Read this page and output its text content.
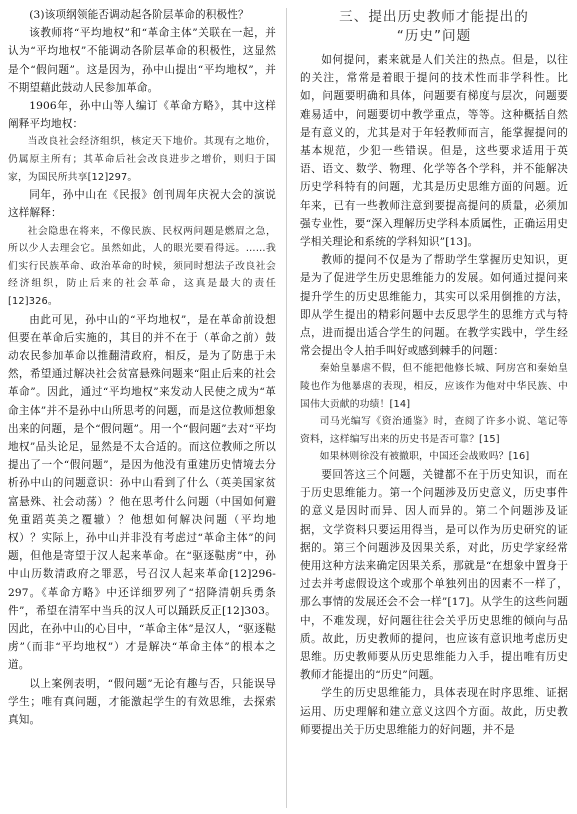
(3)该项纲领能否调动起各阶层革命的积极性？

该教师将“平均地权”和“革命主体”关联在一起，并认为“平均地权”不能调动各阶层革命的积极性，这显然是个“假问题”。这是因为，孙中山提出“平均地权”，并不期望藉此鼓动人民参加革命。

1906年，孙中山等人编订《革命方略》，其中这样阐释平均地权：

当改良社会经济组织，核定天下地价。其现有之地价，仍属原主所有；其革命后社会改良进步之增价，则归于国家，为国民所共享[12]297。

同年，孙中山在《民报》创刊周年庆祝大会的演说这样解释：

社会隐患在将来，不像民族、民权两问题是燃眉之急，所以少人去理会它。虽然如此，人的眼光要看得远。……我们实行民族革命、政治革命的时候，须同时想法子改良社会经济组织，防止后来的社会革命，这真是最大的责任[12]326。

由此可见，孙中山的“平均地权”，是在革命前设想但要在革命后实施的，其目的并不在于（革命之前）鼓动农民参加革命以推翻清政府，相反，是为了防患于未然，希望通过解决社会贫富悬殊问题来“阻止后来的社会革命”。因此，通过“平均地权”来发动人民使之成为“革命主体”并不是孙中山所思考的问题，而是这位教师想象出来的问题，是个“假问题”。用一个“假问题”去对“平均地权”品头论足，显然是不太合适的。而这位教师之所以提出了一个“假问题”，是因为他没有重建历史情境去分析孙中山的问题意识：孙中山看到了什么（英美国家贫富悬殊、社会动荡）？他在思考什么问题（中国如何避免重蹈英美之覆辙）？他想如何解决问题（平均地权）？实际上，孙中山并非没有考虑过“革命主体”的问题，但他是寄望于汉人起来革命。在“驱逐鞑虏”中，孙中山历数清政府之罪恶，号召汉人起来革命[12]296-297。《革命方略》中还详细罗列了“招降清朝兵勇条件”，希望在清军中当兵的汉人可以踊跃反正[12]303。因此，在孙中山的心目中，“革命主体”是汉人，“驱逐鞑虏”（而非“平均地权”）才是解决“革命主体”的根本之道。

以上案例表明，“假问题”无论有趣与否，只能误导学生；唯有真问题，才能激起学生的有效思维，去探索真知。

三、提出历史教师才能提出的
“历史”问题

如何提问，素来就是人们关注的热点。但是，以往的关注，常常是着眼于提问的技术性而非学科性。比如，问题要明确和具体，问题要有梯度与层次，问题要难易适中，问题要切中教学重点，等等。这种概括自然是有意义的，尤其是对于年轻教师而言，能掌握提问的基本规范，少犯一些错误。但是，这些要求适用于英语、语文、数学、物理、化学等各个学科，并不能解决历史学科特有的问题，尤其是历史思维方面的问题。近年来，已有一些教师注意到要提高提问的质量，必须加强专业性，要“深入理解历史学科本质属性，正确运用史学相关理论和系统的学科知识”[13]。

教师的提问不仅是为了帮助学生掌握历史知识，更是为了促进学生历史思维能力的发展。如何通过提问来提升学生的历史思维能力，其实可以采用倒推的方法，即从学生提出的精彩问题中去反思学生的思维方式与特点，进而提出适合学生的问题。在教学实践中，学生经常会提出令人拍手叫好或感到棘手的问题：

秦始皇暴虐不假，但不能把他修长城、阿房宫和秦始皇陵也作为他暴虐的表现，相反，应该作为他对中华民族、中国伟大贡献的功绩！[14]

司马光编写《资治通鉴》时，查阅了许多小说、笔记等资料，这样编写出来的历史书是否可靠？[15]

如果林则徐没有被撤职，中国还会战败吗？[16]

要回答这三个问题，关键都不在于历史知识，而在于历史思维能力。第一个问题涉及历史意义，历史事件的意义是因时而异、因人而异的。第二个问题涉及证据，文学资料只要运用得当，是可以作为历史研究的证据的。第三个问题涉及因果关系，对此，历史学家经常使用这种方法来确定因果关系，那就是“在想象中置身于过去并考虑假设这个或那个单独列出的因素不一样了，那么事情的发展还会不会一样”[17]。从学生的这些问题中，不难发现，好问题往往会关乎历史思维的倾向与品质。故此，历史教师的提问，也应该有意识地考虑历史思维。历史教师要从历史思维能力入手，提出唯有历史教师才能提出的“历史”问题。

学生的历史思维能力，具体表现在时序思维、证据运用、历史理解和建立意义这四个方面。故此，历史教师要提出关于历史思维能力的好问题，并不是
